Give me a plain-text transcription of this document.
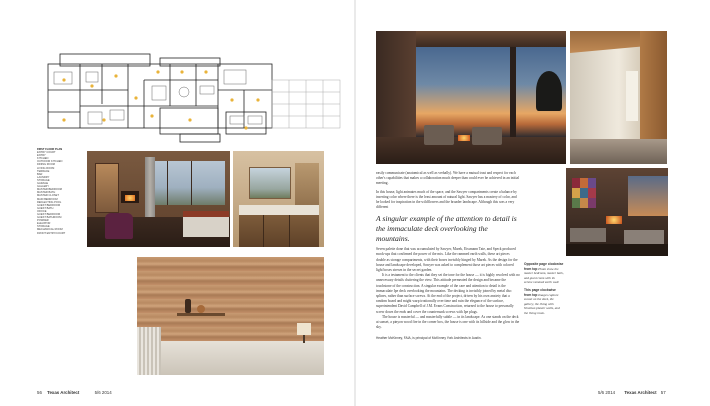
FIRST FLOOR PLAN
ENTRY COURT
ENTRY
KITCHEN
OUTDOOR KITCHEN
DINING ROOM
LIVING ROOM
TERRACE
BAR
LAUNDRY
STORAGE
GARAGE
GALLERY
MASTER BEDROOM
MASTER BATH
MASTER CLOSET
MAID BEDROOM
REFLECTING POOL
GUEST BEDROOM
GUEST BATH
OFFICE
GUEST BEDROOM
GUEST BATHROOM
POWDER
ELEVATOR
STORAGE
MECHANICAL ROOM
FRONT ENTRY/COURT
56 Texas Architect	5/6 2014
easily communicate (anatomical as well as verbally). We have a mutual trust and respect for each other's capabilities that makes a collaboration much deeper than could ever be achieved in an initial meeting.
In this house, light animates much of the space, and the Sawyer compartments create a balance by inserting color where there is the least amount of natural light. Sawyer has a mastery of color, and he looked for inspiration in the wildflowers and the broader landscape. Although this was a very different
A singular example of the attention to detail is the immaculate deck overlooking the mountains.
Seven palette done that was accumulated by Sawyer, Marek, Eissmann Tate, and Speck produced mock-ups that confirmed the power of the mix. Like the rammed earth walls, these art pieces double as storage compartments, with their boxes invisibly hinged by Marek. As the design for the house and landscape developed, Sawyer was asked to complement those art pieces with colored light boxes strewn in the secret garden.
It is a testament to the clients that they set the tone for the house — it is highly resolved with no unnecessary details cluttering the view. This attitude permeated the design and became the touchstone of the construction. A singular example of the care and attention to detail is the immaculate Ipe deck overlooking the mountains. The decking is invisibly joined by metal disc splines, rather than surface screws. At the end of the project, driven by his own anxiety that a random board and might warp irrationally over time and ruin the elegance of the surface, superintendent David Campbell of J.M. Evans Construction, returned to the house to personally screw down the ends and cover the countersunk screws with Ipe plugs.
The house is masterful — and masterfully subtle — in its landscape. As one stands on the deck at sunset, a pinyon wood fire in the corner box, the house is one with its hillside and the glow in the sky.
Heather McKinney, FAIA, is principal of McKinney York Architects in Austin.
Opposite page clockwise from top Photo show the master bedroom, master bath, and guest room with its serene rammed earth wall.
This page clockwise from top Images capture sunset on the deck, the gallery, the living with Venetian plaster walls, and the living room.
5/6 2014 Texas Architect 57
